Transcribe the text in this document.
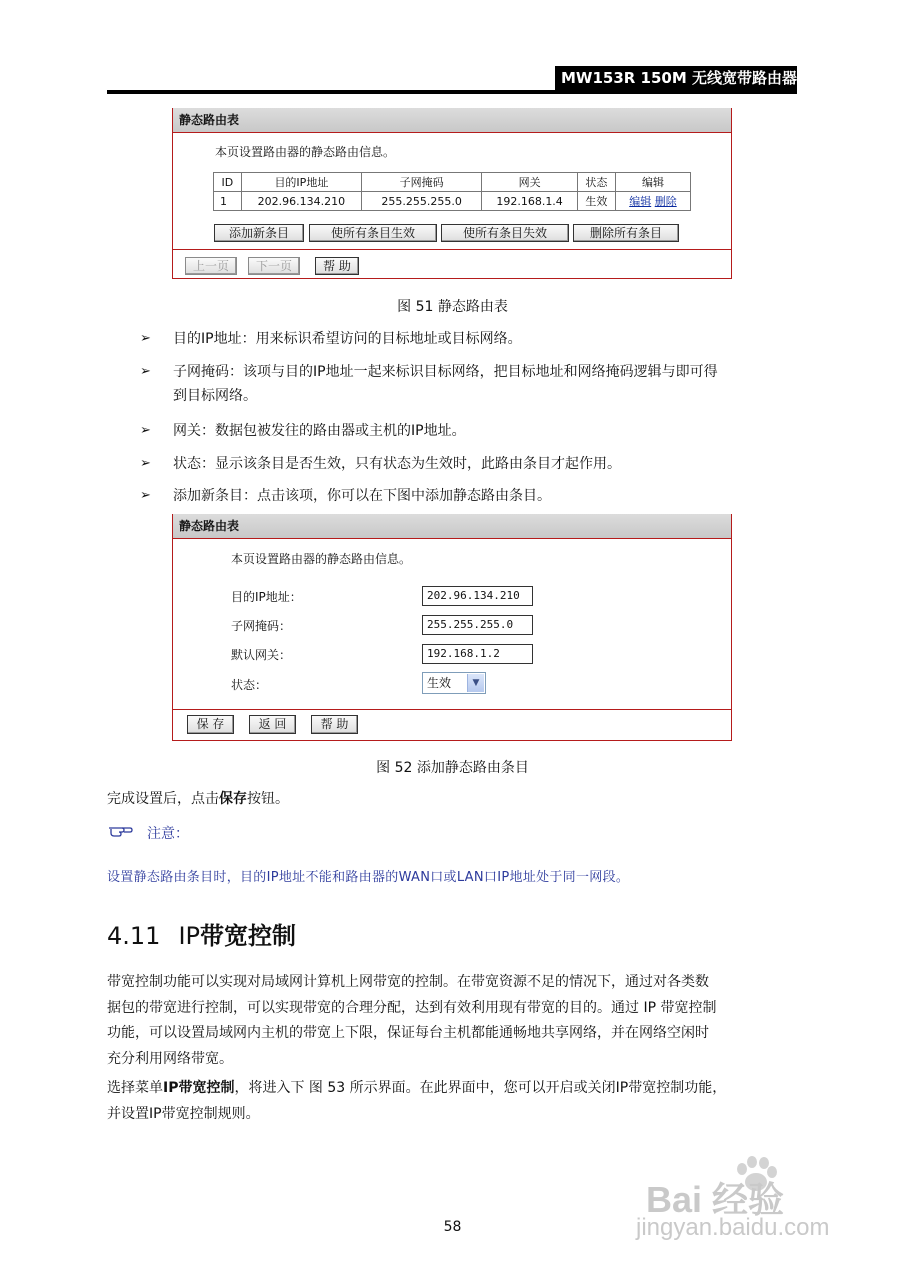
MW153R 150M 无线宽带路由器
静态路由表
本页设置路由器的静态路由信息。
ID	目的IP地址	子网掩码	网关	状态	编辑
1	202.96.134.210	255.255.255.0	192.168.1.4	生效	编辑 删除
添加新条目	使所有条目生效	使所有条目失效	删除所有条目
上一页	下一页	帮 助
图 51 静态路由表
➢ 目的IP地址：用来标识希望访问的目标地址或目标网络。
➢ 子网掩码：该项与目的IP地址一起来标识目标网络，把目标地址和网络掩码逻辑与即可得
到目标网络。
➢ 网关：数据包被发往的路由器或主机的IP地址。
➢ 状态：显示该条目是否生效，只有状态为生效时，此路由条目才起作用。
➢ 添加新条目：点击该项，你可以在下图中添加静态路由条目。
静态路由表
本页设置路由器的静态路由信息。
目的IP地址：	202.96.134.210
子网掩码：	255.255.255.0
默认网关：	192.168.1.2
状态：	生效	▼
保 存	返 回	帮 助
图 52 添加静态路由条目
完成设置后，点击保存按钮。
注意：
设置静态路由条目时，目的IP地址不能和路由器的WAN口或LAN口IP地址处于同一网段。
4.11 IP带宽控制
带宽控制功能可以实现对局域网计算机上网带宽的控制。在带宽资源不足的情况下，通过对各类数
据包的带宽进行控制，可以实现带宽的合理分配，达到有效利用现有带宽的目的。通过 IP 带宽控制
功能，可以设置局域网内主机的带宽上下限，保证每台主机都能通畅地共享网络，并在网络空闲时
充分利用网络带宽。
选择菜单IP带宽控制，将进入下 图 53 所示界面。在此界面中，您可以开启或关闭IP带宽控制功能，
并设置IP带宽控制规则。
58
Bai 经验
jingyan.baidu.com
